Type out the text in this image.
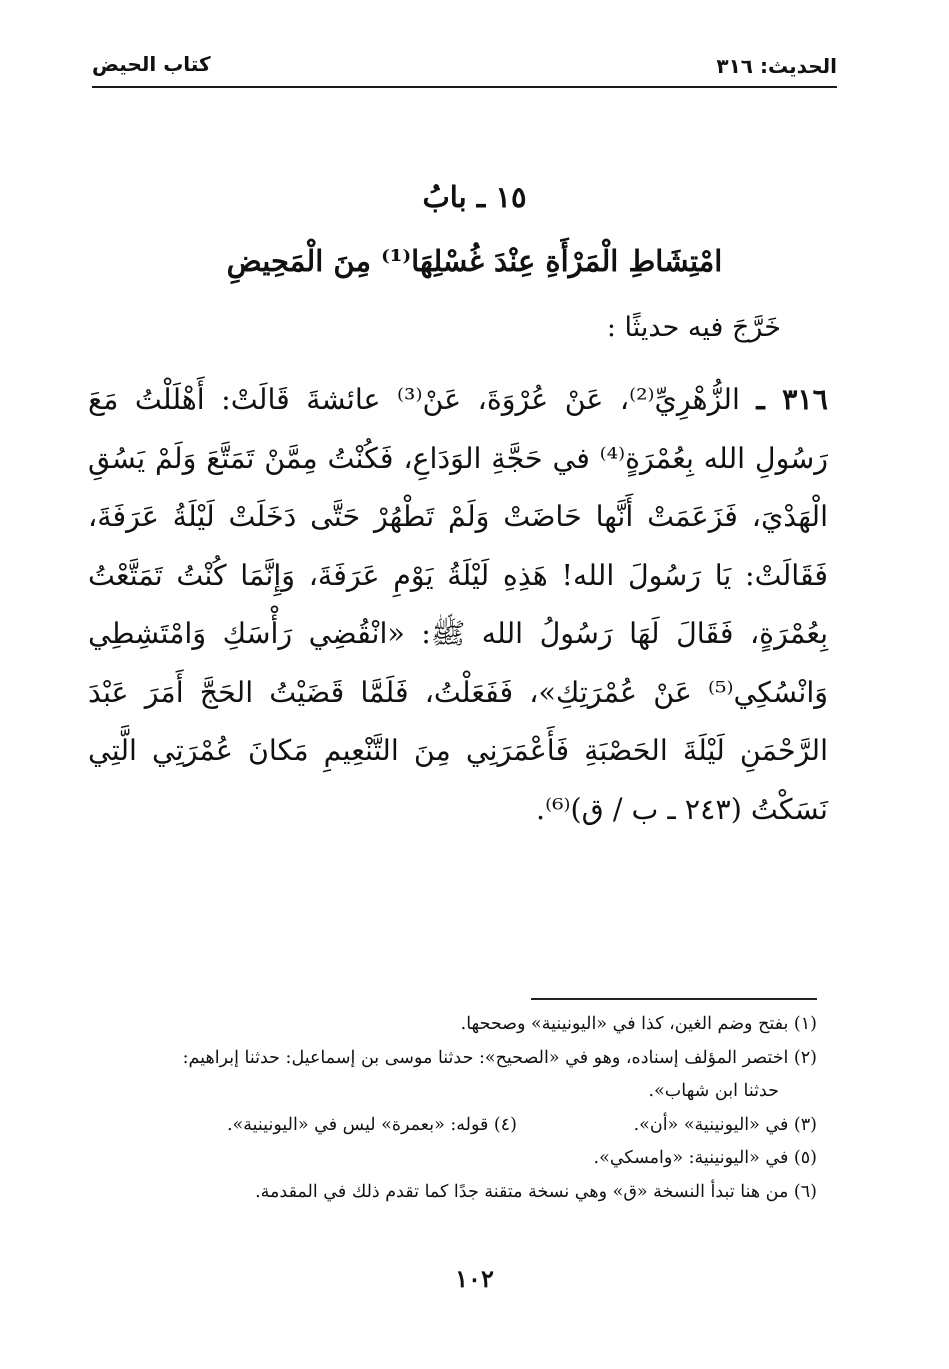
الحديث: ٣١٦
كتاب الحيض
١٥ ـ بابُ
امْتِشَاطِ الْمَرْأَةِ عِنْدَ غُسْلِهَا⁽¹⁾ مِنَ الْمَحِيضِ
خَرَّجَ فيه حديثًا :
٣١٦ ـ الزُّهْرِيِّ⁽²⁾، عَنْ عُرْوَةَ، عَنْ⁽³⁾ عائشةَ قَالَتْ: أَهْلَلْتُ مَعَ رَسُولِ الله بِعُمْرَةٍ⁽⁴⁾ في حَجَّةِ الوَدَاعِ، فَكُنْتُ مِمَّنْ تَمَتَّعَ وَلَمْ يَسُقِ الْهَدْيَ، فَزَعَمَتْ أَنَّها حَاضَتْ وَلَمْ تَطْهُرْ حَتَّى دَخَلَتْ لَيْلَةُ عَرَفَةَ، فَقَالَتْ: يَا رَسُولَ الله! هَذِهِ لَيْلَةُ يَوْمِ عَرَفَةَ، وَإِنَّمَا كُنْتُ تَمَتَّعْتُ بِعُمْرَةٍ، فَقَالَ لَهَا رَسُولُ الله ﷺ: «انْقُضِي رَأْسَكِ وَامْتَشِطِي وَانْسُكِي⁽⁵⁾ عَنْ عُمْرَتِكِ»، فَفَعَلْتُ، فَلَمَّا قَضَيْتُ الحَجَّ أَمَرَ عَبْدَ الرَّحْمَنِ لَيْلَةَ الحَصْبَةِ فَأَعْمَرَنِي مِنَ التَّنْعِيمِ مَكانَ عُمْرَتِي الَّتِي نَسَكْتُ (٢٤٣ ـ ب / ق)⁽⁶⁾.
(١) بفتح وضم الغين، كذا في «اليونينية» وصححها.
(٢) اختصر المؤلف إسناده، وهو في «الصحيح»: حدثنا موسى بن إسماعيل: حدثنا إبراهيم:
حدثنا ابن شهاب».
(٣) في «اليونينية» «أن».
(٤) قوله: «بعمرة» ليس في «اليونينية».
(٥) في «اليونينية: «وامسكي».
(٦) من هنا تبدأ النسخة «ق» وهي نسخة متقنة جدًا كما تقدم ذلك في المقدمة.
١٠٢
